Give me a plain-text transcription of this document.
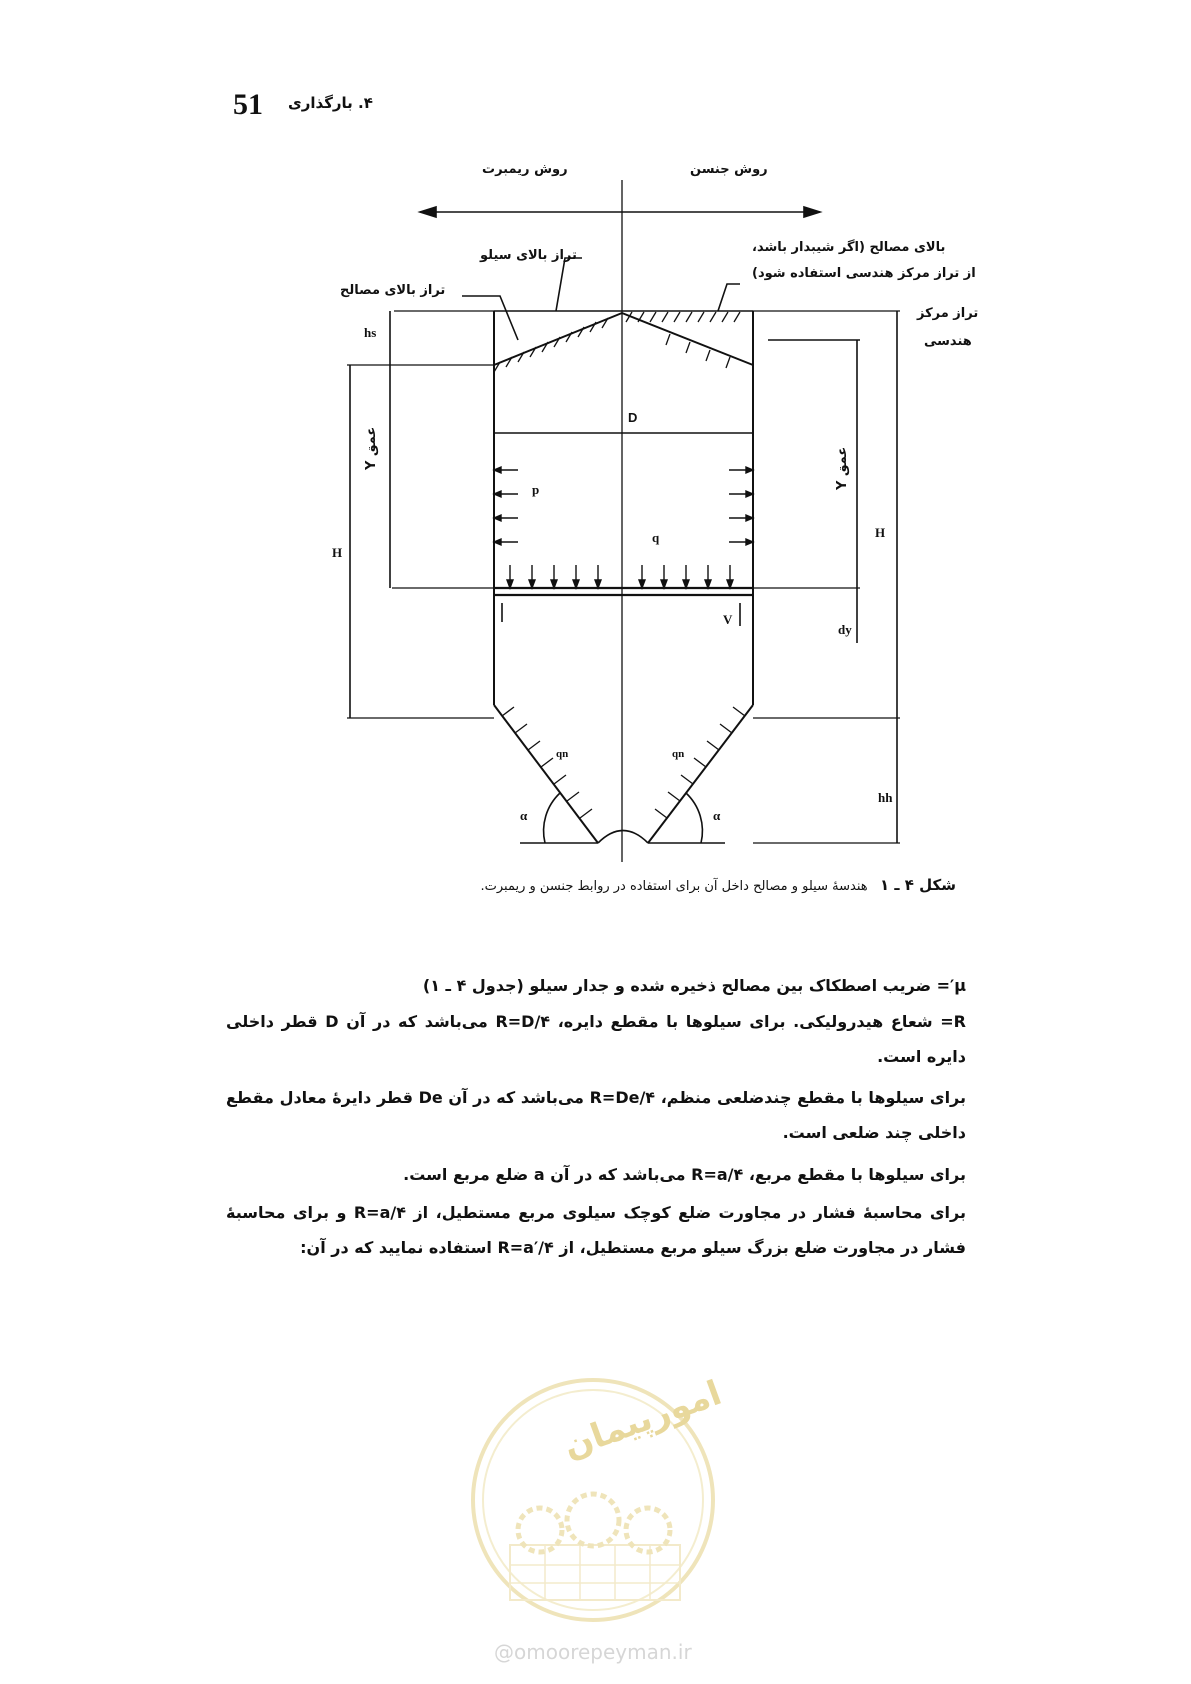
51 ۴. بارگذاری
روش ریمبرت	روش جنسن
تراز بالای سیلو
تراز بالای مصالح
بالای مصالح (اگر شیبدار باشد،
از تراز مرکز هندسی استفاده شود)
تراز مرکز
هندسی
عمق Y
عمق Y
hs
H
H
D
p
q
V
dy
qn	qn
α	α
hh
شکل ۴ ـ ۱   هندسهٔ سیلو و مصالح داخل آن برای استفاده در روابط جنسن و ریمبرت.
μ′= ضریب اصطکاک بین مصالح ذخیره شده و جدار سیلو (جدول ۴ ـ ۱)
R= شعاع هیدرولیکی. برای سیلوها با مقطع دایره، R=D/۴ می‌باشد که در آن D قطر داخلی دایره است.
برای سیلوها با مقطع چندضلعی منظم، R=De/۴ می‌باشد که در آن De قطر دایرهٔ معادل مقطع داخلی چند ضلعی است.
برای سیلوها با مقطع مربع، R=a/۴ می‌باشد که در آن a ضلع مربع است.
برای محاسبهٔ فشار در مجاورت ضلع کوچک سیلوی مربع مستطیل، از R=a/۴ و برای محاسبهٔ فشار در مجاورت ضلع بزرگ سیلو مربع مستطیل، از R=a′/۴ استفاده نمایید که در آن:
امورپیمان
@omoorepeyman.ir
